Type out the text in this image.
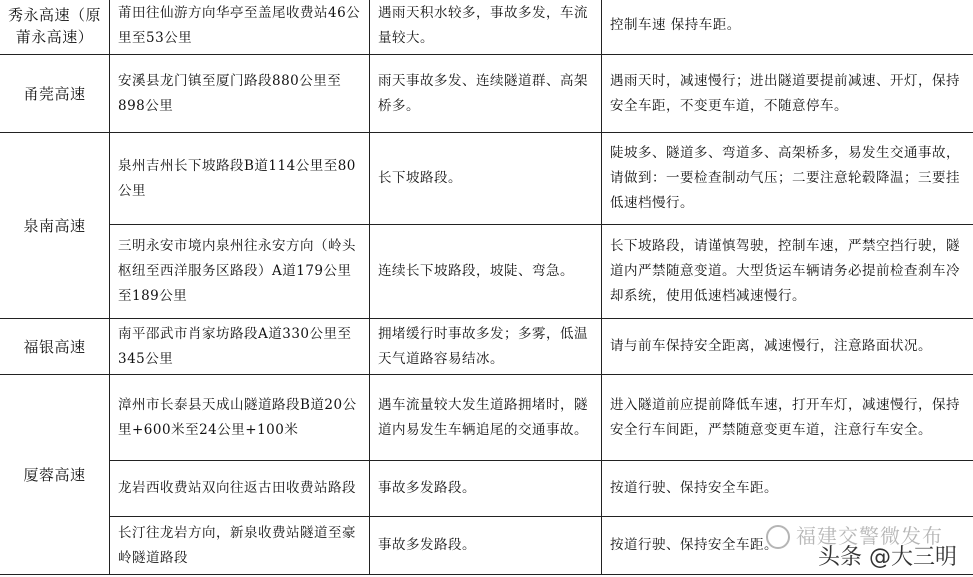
秀永高速（原莆永高速）	莆田往仙游方向华亭至盖尾收费站46公里至53公里	遇雨天积水较多，事故多发，车流量较大。	控制车速 保持车距。
甬莞高速	安溪县龙门镇至厦门路段880公里至898公里	雨天事故多发、连续隧道群、高架桥多。	遇雨天时，减速慢行；进出隧道要提前减速、开灯，保持安全车距，不变更车道，不随意停车。
泉南高速	泉州吉州长下坡路段B道114公里至80公里	长下坡路段。	陡坡多、隧道多、弯道多、高架桥多，易发生交通事故，请做到：一要检查制动气压；二要注意轮毂降温；三要挂低速档慢行。
	三明永安市境内泉州往永安方向（岭头枢纽至西洋服务区路段）A道179公里至189公里	连续长下坡路段，坡陡、弯急。	长下坡路段，请谨慎驾驶，控制车速，严禁空挡行驶，隧道内严禁随意变道。大型货运车辆请务必提前检查刹车冷却系统，使用低速档减速慢行。
福银高速	南平邵武市肖家坊路段A道330公里至345公里	拥堵缓行时事故多发；多雾，低温天气道路容易结冰。	请与前车保持安全距离，减速慢行，注意路面状况。
厦蓉高速	漳州市长泰县天成山隧道路段B道20公里+600米至24公里+100米	遇车流量较大发生道路拥堵时，隧道内易发生车辆追尾的交通事故。	进入隧道前应提前降低车速，打开车灯，减速慢行，保持安全行车间距，严禁随意变更车道，注意行车安全。
	龙岩西收费站双向往返古田收费站路段	事故多发路段。	按道行驶、保持安全车距。
	长汀往龙岩方向，新泉收费站隧道至豪岭隧道路段	事故多发路段。	按道行驶、保持安全车距。 福建交警微发布
头条 @大三明
